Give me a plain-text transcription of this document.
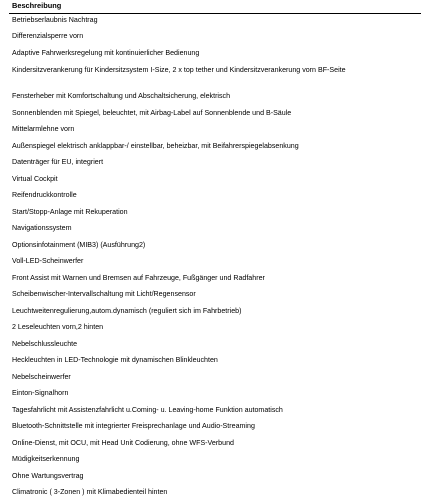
Beschreibung
Betriebserlaubnis Nachtrag
Differenzialsperre vorn
Adaptive Fahrwerksregelung mit kontinuierlicher Bedienung
Kindersitzverankerung für Kindersitzsystem I-Size, 2 x top tether und Kindersitzverankerung vorn BF-Seite
Fensterheber mit Komfortschaltung und Abschaltsicherung, elektrisch
Sonnenblenden mit Spiegel, beleuchtet, mit Airbag-Label auf Sonnenblende und B-Säule
Mittelarmlehne vorn
Außenspiegel elektrisch anklappbar-/ einstellbar, beheizbar, mit Beifahrerspiegelabsenkung
Datenträger für EU, integriert
Virtual Cockpit
Reifendruckkontrolle
Start/Stopp-Anlage mit Rekuperation
Navigationssystem
Optionsinfotainment (MIB3) (Ausführung2)
Voll-LED-Scheinwerfer
Front Assist mit Warnen und Bremsen auf Fahrzeuge, Fußgänger und Radfahrer
Scheibenwischer-Intervallschaltung mit Licht/Regensensor
Leuchtweitenregulierung,autom.dynamisch (reguliert sich im Fahrbetrieb)
2 Leseleuchten vorn,2 hinten
Nebelschlussleuchte
Heckleuchten in LED-Technologie mit dynamischen Blinkleuchten
Nebelscheinwerfer
Einton-Signalhorn
Tagesfahrlicht mit Assistenzfahrlicht u.Coming- u. Leaving-home Funktion automatisch
Bluetooth-Schnittstelle mit integrierter Freisprechanlage und Audio-Streaming
Online-Dienst, mit OCU, mit Head Unit Codierung, ohne WFS-Verbund
Müdigkeitserkennung
Ohne Wartungsvertrag
Climatronic ( 3-Zonen ) mit Klimabedienteil hinten
